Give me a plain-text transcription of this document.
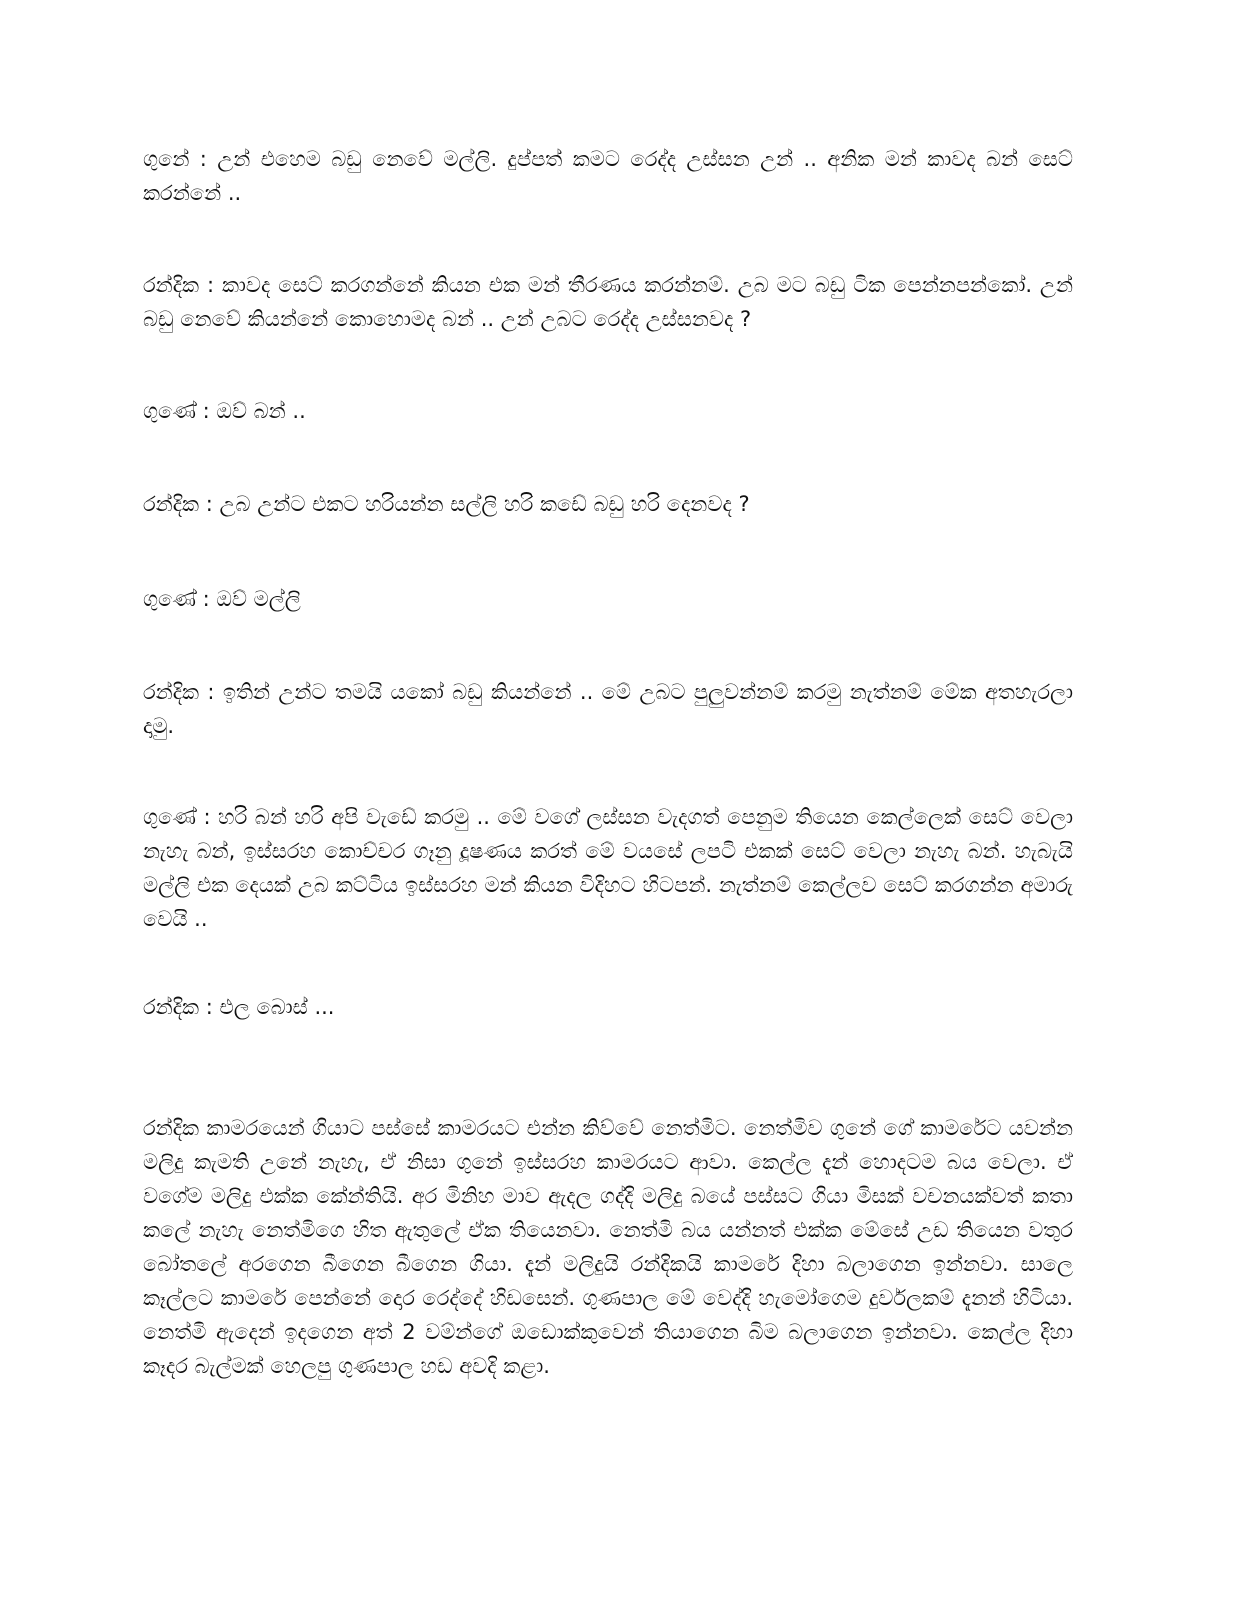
ගුනේ : උන් එහෙම බඩු නෙවේ මල්ලි. දුප්පත් කමට රෙද්ද උස්සන උන් .. අනික මන් කාවද බන් සෙට් කරන්නේ ..

රන්දික : කාවද සෙට් කරගන්නේ කියන එක මන් තීරණය කරන්නම්. උබ මට බඩු ටික පෙන්නපන්කෝ. උන් බඩු නෙවේ කියන්නේ කොහොමද බන් .. උන් උබට රෙද්ද උස්සනවද ?

ගුණේ : ඔව් බන් ..

රන්දික : උබ උන්ට එකට හරියන්න සල්ලි හරි කඩේ බඩු හරි දෙනවද ?

ගුණේ : ඔව් මල්ලි

රන්දික : ඉතින් උන්ට තමයි යකෝ බඩු කියන්නේ .. මේ උබට පුලුවන්නම් කරමු නැත්නම් මේක අතහැරලා දාමු.

ගුණේ : හරි බන් හරි අපි වැඩේ කරමු .. මේ වගේ ලස්සන වැදගත් පෙනුම තියෙන කෙල්ලෙක් සෙට් වෙලා නැහැ බන්, ඉස්සරහ කොච්චර ගෑනු දූෂණය කරත් මේ වයසේ ලපටි එකක් සෙට් වෙලා නැහැ බන්. හැබැයි මල්ලි එක දෙයක් උබ කට්ටිය ඉස්සරහ මන් කියන විදිහට හිටපන්. නැත්නම් කෙල්ලව සෙට් කරගන්න අමාරු වෙයි ..

රන්දික : එල බොස් ...

රන්දික කාමරයෙන් ගියාට පස්සේ කාමරයට එන්න කිව්වේ නෙත්මිට. නෙත්මිව ගුනේ ගේ කාමරේට යවන්න මලිදු කැමති උනේ නැහැ, ඒ නිසා ගුනේ ඉස්සරහ කාමරයට ආවා. කෙල්ල දැන් හොදටම බය වෙලා. ඒ වගේම මලිදු එක්ක කේන්තියි. අර මිනිහ මාව ඇදල ගද්දි මලිදු බයේ පස්සට ගියා මිසක් වචනයක්වත් කතා කලේ නැහැ නෙත්මිගෙ හිත ඇතුලේ ඒක තියෙනවා. නෙත්මි බය යන්නත් එක්ක මේසේ උඩ තියෙන වතුර බෝතලේ අරගෙන බීගෙන බීගෙන ගියා. දැන් මලිදුයි රන්දිකයි කාමරේ දිහා බලාගෙන ඉන්නවා. සාලෙ කෑල්ලට කාමරේ පෙන්නේ දොර රෙද්දේ හිඩසෙන්. ගුණපාල මේ වෙද්දි හැමෝගෙම දුර්වලකම් දැනන් හිටියා. නෙත්මි ඇදෙන් ඉදගෙන අත් 2 වම්න්ගේ ඔඩොක්කුවෙන් තියාගෙන බිම බලාගෙන ඉන්නවා. කෙල්ල දිහා කෑදර බැල්මක් හෙලපු ගුණපාල හඩ අවදි කළා.
